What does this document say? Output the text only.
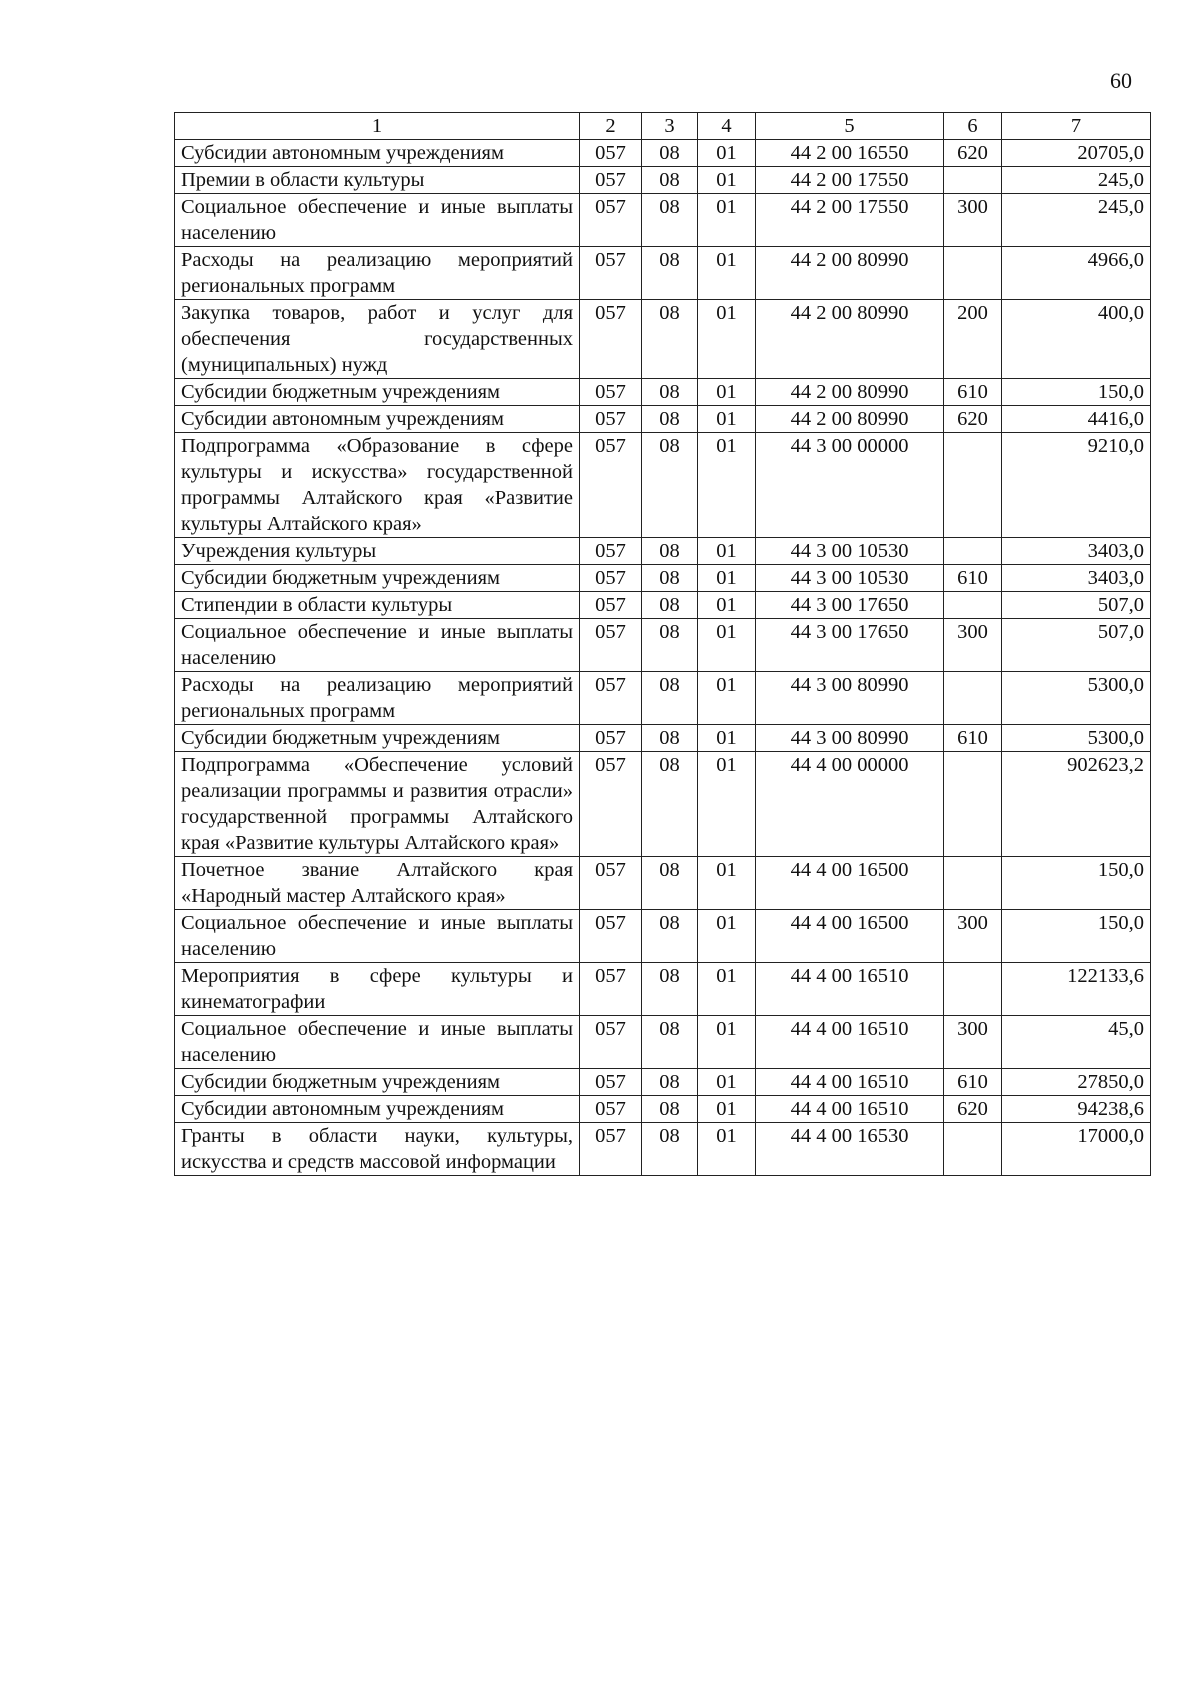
60
1	2	3	4	5	6	7
Субсидии автономным учреждениям	057	08	01	44 2 00 16550	620	20705,0
Премии в области культуры	057	08	01	44 2 00 17550		245,0
Социальное обеспечение и иные выплаты населению	057	08	01	44 2 00 17550	300	245,0
Расходы на реализацию мероприятий региональных программ	057	08	01	44 2 00 80990		4966,0
Закупка товаров, работ и услуг для обеспечения государственных (муниципальных) нужд	057	08	01	44 2 00 80990	200	400,0
Субсидии бюджетным учреждениям	057	08	01	44 2 00 80990	610	150,0
Субсидии автономным учреждениям	057	08	01	44 2 00 80990	620	4416,0
Подпрограмма «Образование в сфере культуры и искусства» государственной программы Алтайского края «Развитие культуры Алтайского края»	057	08	01	44 3 00 00000		9210,0
Учреждения культуры	057	08	01	44 3 00 10530		3403,0
Субсидии бюджетным учреждениям	057	08	01	44 3 00 10530	610	3403,0
Стипендии в области культуры	057	08	01	44 3 00 17650		507,0
Социальное обеспечение и иные выплаты населению	057	08	01	44 3 00 17650	300	507,0
Расходы на реализацию мероприятий региональных программ	057	08	01	44 3 00 80990		5300,0
Субсидии бюджетным учреждениям	057	08	01	44 3 00 80990	610	5300,0
Подпрограмма «Обеспечение условий реализации программы и развития отрасли» государственной программы Алтайского края «Развитие культуры Алтайского края»	057	08	01	44 4 00 00000		902623,2
Почетное звание Алтайского края «Народный мастер Алтайского края»	057	08	01	44 4 00 16500		150,0
Социальное обеспечение и иные выплаты населению	057	08	01	44 4 00 16500	300	150,0
Мероприятия в сфере культуры и кинематографии	057	08	01	44 4 00 16510		122133,6
Социальное обеспечение и иные выплаты населению	057	08	01	44 4 00 16510	300	45,0
Субсидии бюджетным учреждениям	057	08	01	44 4 00 16510	610	27850,0
Субсидии автономным учреждениям	057	08	01	44 4 00 16510	620	94238,6
Гранты в области науки, культуры, искусства и средств массовой информации	057	08	01	44 4 00 16530		17000,0
